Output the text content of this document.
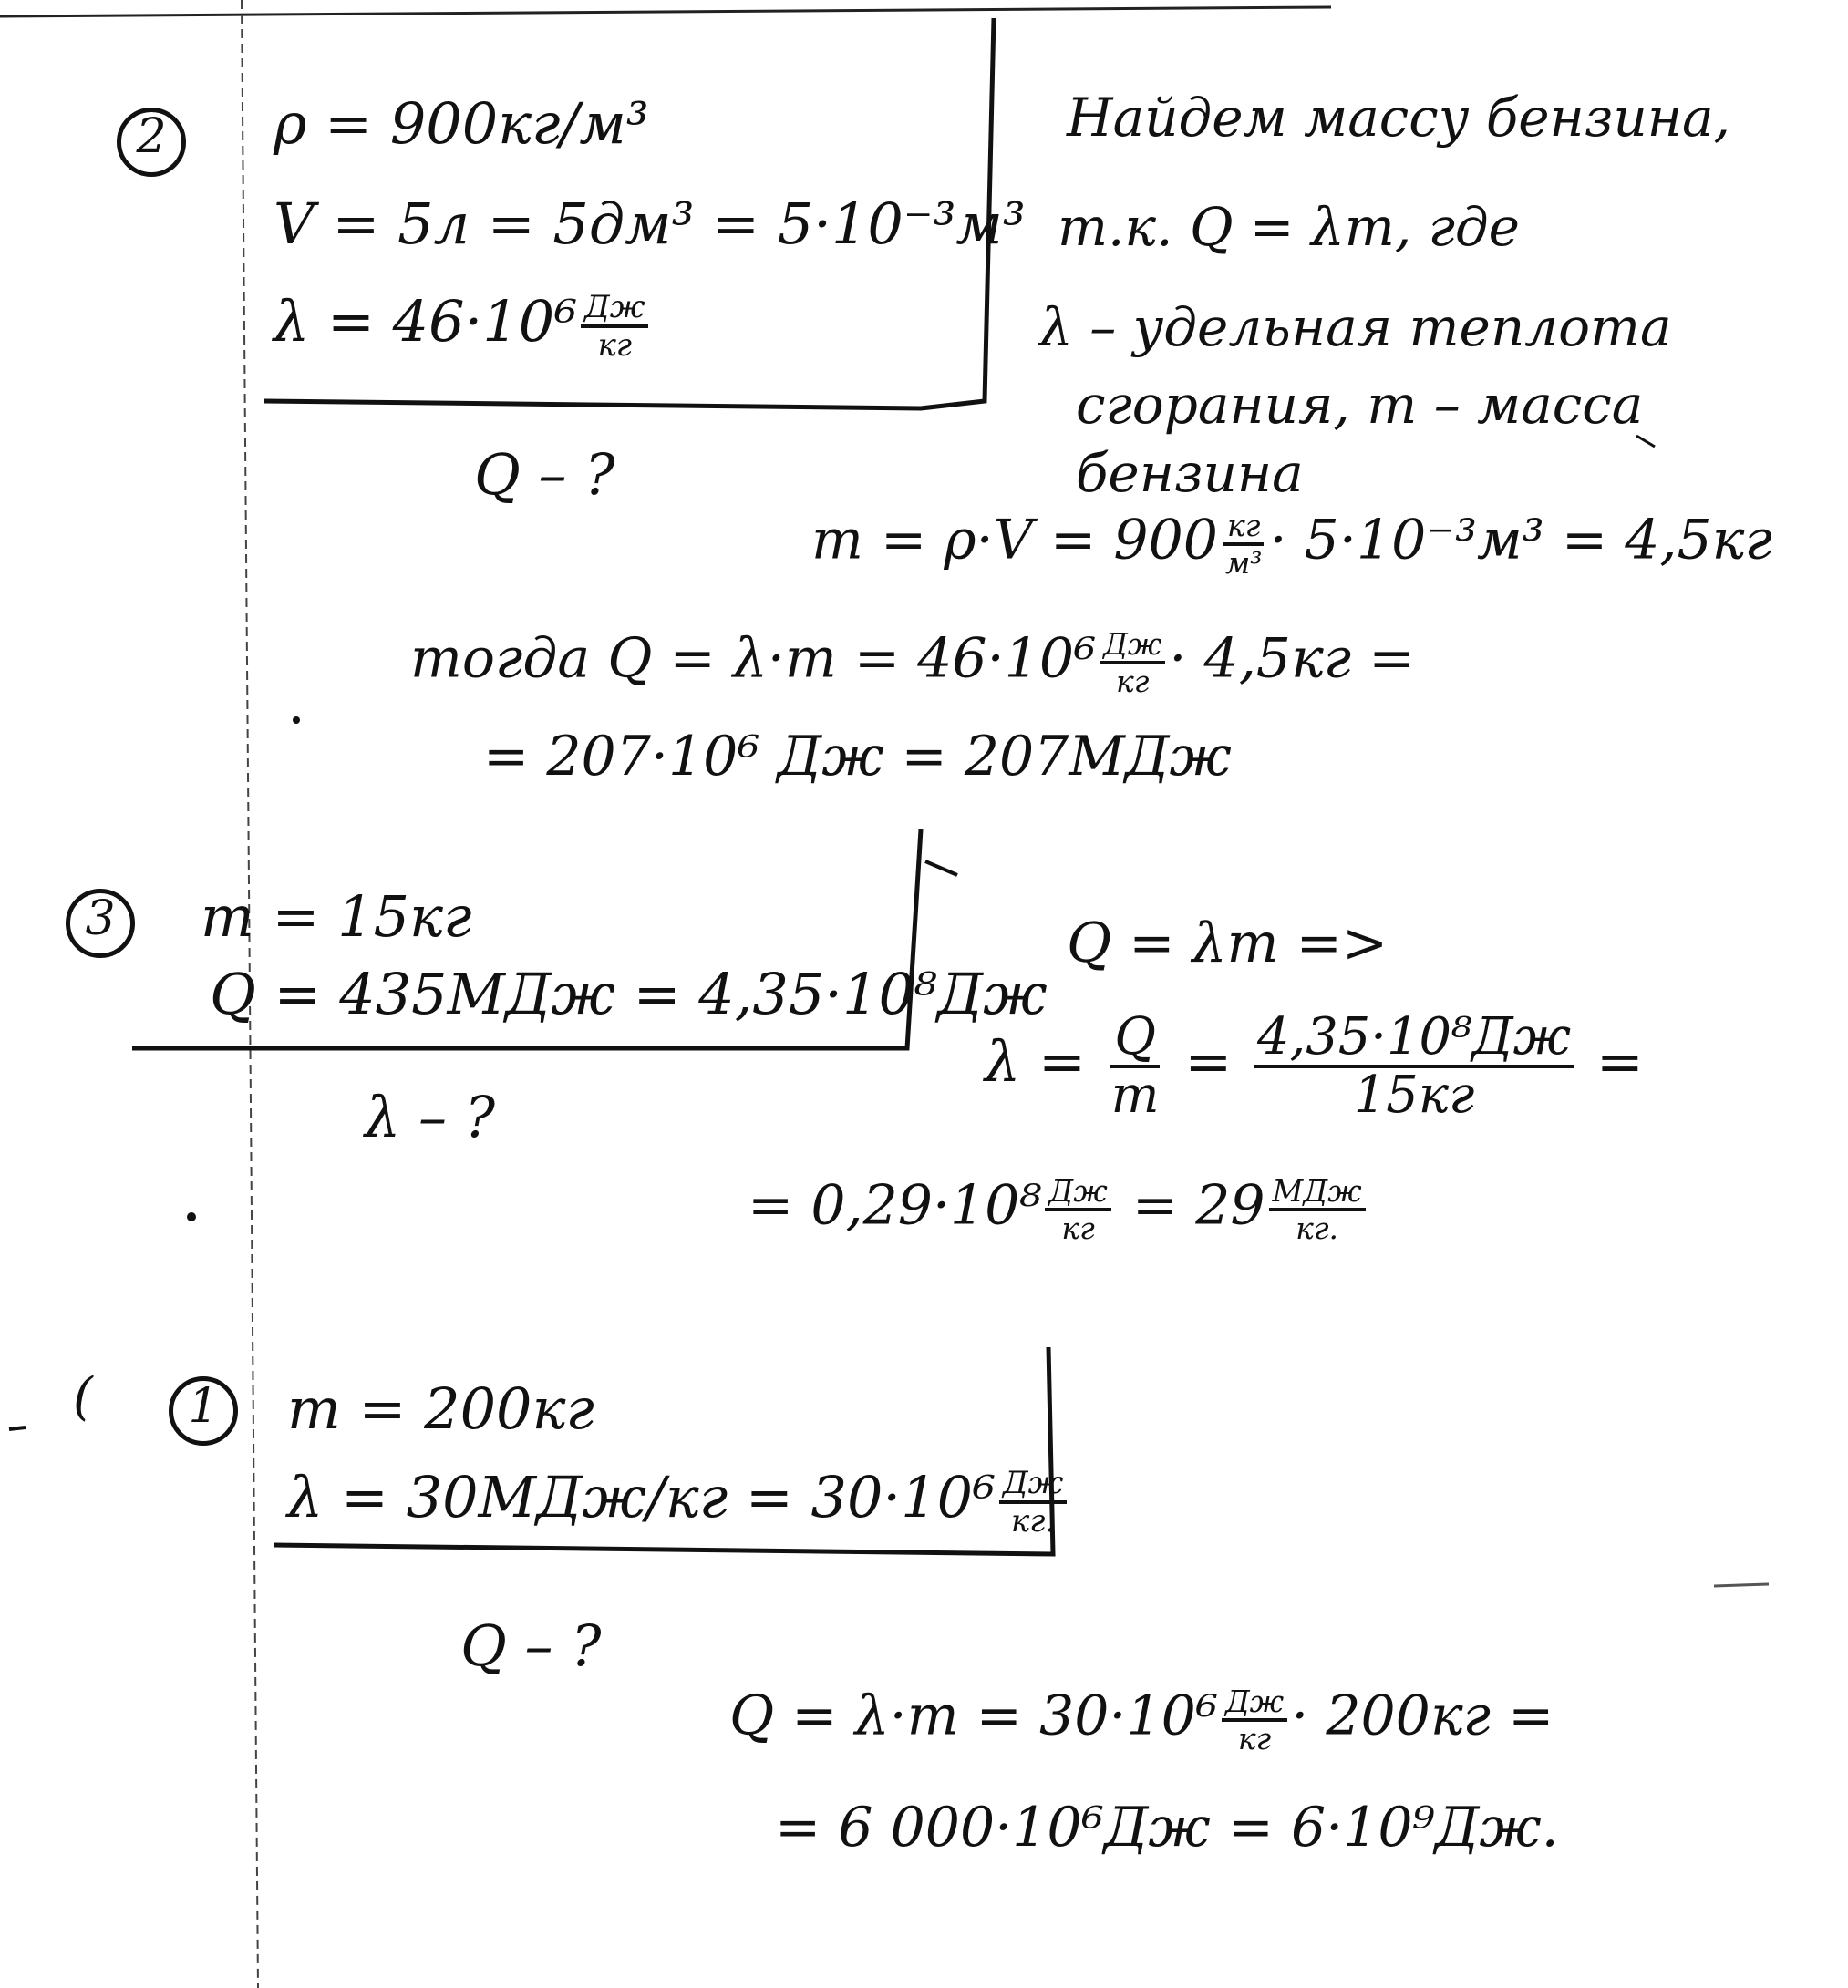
2	ρ = 900кг/м³
V = 5л = 5дм³ = 5·10⁻³м³
$\lambda = 46\cdot 10^6 \frac{Дж}{кг}$
Q – ?
Найдем массу бензина,
т.к. Q = λm, где
λ – удельная теплота
сгорания, m – масса
бензина
$m = \rho\cdot V = 900 \frac{кг}{\text{м³}} \cdot 5\cdot 10^{-3}м^3 = 4,5кг$
тогда $Q = \lambda\cdot m = 46\cdot 10^6 \frac{Дж}{кг} \cdot 4,5кг$ =
= 207·10⁶ Дж = 207МДж
3	m = 15кг
Q = 435МДж = 4,35·10⁸Дж
λ – ?
Q = λm =>
$\lambda = \frac{Q}{m} = \frac{\text{4,35·10⁸Дж}}{15кг}$ =
= $0,29\cdot 10^8 \frac{Дж}{кг} = 29 \frac{\text{МДж}}{кг.}$
(	1	m = 200кг
$\lambda = 30МДж/кг = 30\cdot 10^6 \frac{Дж}{кг.}$
Q – ?
$Q = \lambda\cdot m = 30\cdot 10^6 \frac{Дж}{кг} \cdot 200кг$ =
= 6 000·10⁶Дж = 6·10⁹Дж.
